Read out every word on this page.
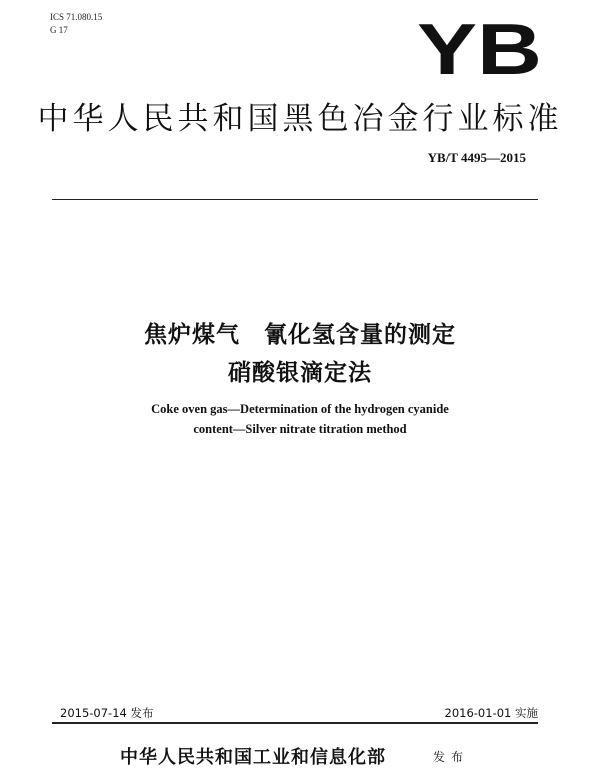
ICS 71.080.15
G 17	YB
中华人民共和国黑色冶金行业标准
YB/T 4495—2015
焦炉煤气　氰化氢含量的测定
硝酸银滴定法
Coke oven gas—Determination of the hydrogen cyanide
content—Silver nitrate titration method
2015-07-14 发布	2016-01-01 实施
中华人民共和国工业和信息化部	发布
